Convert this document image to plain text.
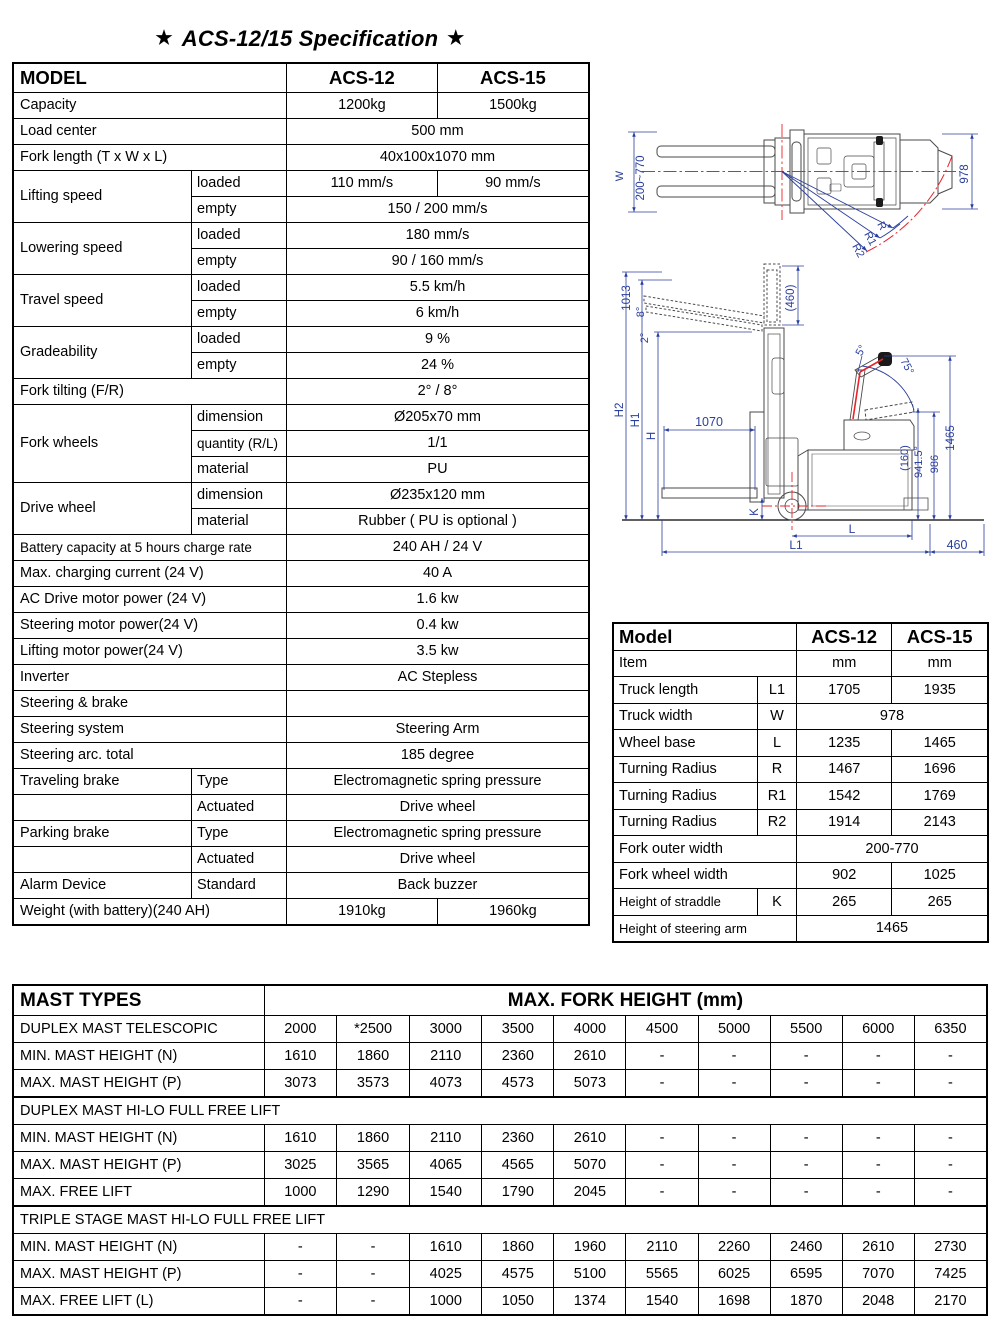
★ ACS-12/15 Specification ★
MODEL		ACS-12	ACS-15
Capacity		1200kg	1500kg
Load center		500 mm	
Fork length (T x W x L)		40x100x1070 mm	
Lifting speed	loaded	110 mm/s	90 mm/s
	empty	150 / 200 mm/s	
Lowering speed	loaded	180 mm/s	
	empty	90 / 160 mm/s	
Travel speed	loaded	5.5 km/h	
	empty	6 km/h	
Gradeability	loaded	9 %	
	empty	24 %	
Fork tilting (F/R)		2° / 8°	
Fork wheels	dimension	Ø205x70 mm	
	quantity (R/L)	1/1	
	material	PU	
Drive wheel	dimension	Ø235x120 mm	
	material	Rubber ( PU is optional )	
Battery capacity at 5 hours charge rate		240 AH / 24 V	
Max. charging current (24 V)		40 A	
AC Drive motor power (24 V)		1.6 kw	
Steering motor power(24 V)		0.4 kw	
Lifting motor power(24 V)		3.5 kw	
Inverter		AC Stepless	
Steering & brake			
Steering system		Steering Arm	
Steering arc. total		185 degree	
Traveling brake	Type	Electromagnetic spring pressure	
	Actuated	Drive wheel	
Parking brake	Type	Electromagnetic spring pressure	
	Actuated	Drive wheel	
Alarm Device	Standard	Back buzzer	
Weight (with battery)(240 AH)		1910kg	1960kg
Model		ACS-12	ACS-15
Item		mm	mm
Truck length	L1	1705	1935
Truck width	W	978	
Wheel base	L	1235	1465
Turning Radius	R	1467	1696
Turning Radius	R1	1542	1769
Turning Radius	R2	1914	2143
Fork outer width		200-770	
Fork wheel width		902	1025
Height of straddle	K	265	265
Height of steering arm		1465	
MAST TYPES	MAX. FORK HEIGHT (mm)									
DUPLEX MAST TELESCOPIC	2000	*2500	3000	3500	4000	4500	5000	5500	6000	6350
MIN. MAST HEIGHT (N)	1610	1860	2110	2360	2610	-	-	-	-	-
MAX. MAST HEIGHT (P)	3073	3573	4073	4573	5073	-	-	-	-	-
DUPLEX MAST HI-LO FULL FREE LIFT										
MIN. MAST HEIGHT (N)	1610	1860	2110	2360	2610	-	-	-	-	-
MAX. MAST HEIGHT (P)	3025	3565	4065	4565	5070	-	-	-	-	-
MAX. FREE LIFT	1000	1290	1540	1790	2045	-	-	-	-	-
TRIPLE STAGE MAST HI-LO FULL FREE LIFT										
MIN. MAST HEIGHT (N)	-	-	1610	1860	1960	2110	2260	2460	2610	2730
MAX. MAST HEIGHT (P)	-	-	4025	4575	5100	5565	6025	6595	7070	7425
MAX. FREE LIFT (L)	-	-	1000	1050	1374	1540	1698	1870	2048	2170
W 200~770	978
R
R1
R2
H2
H1
H
1013
8°
2°
(460)
1070
K
L
L1	460
5°
75°
(160) 941.5° 986
1465
